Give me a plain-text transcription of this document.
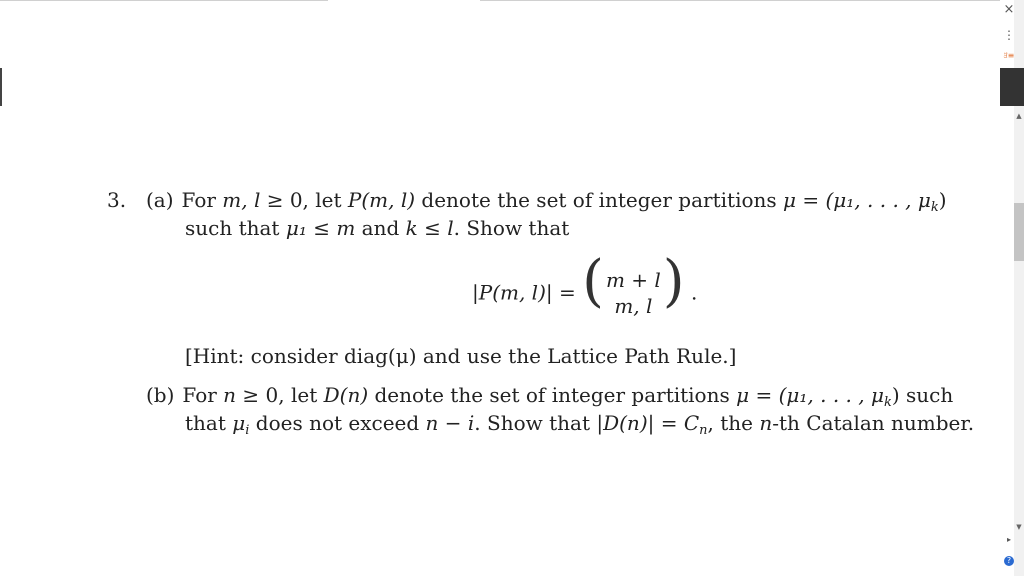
3. (a) For m, l ≥ 0, let P(m, l) denote the set of integer partitions μ = (μ₁, . . . , $\mu_k$)
such that μ₁ ≤ m and k ≤ l. Show that
|P(m, l)| = ( m + l
m, l ) .
[Hint: consider diag(μ) and use the Lattice Path Rule.]
(b) For n ≥ 0, let D(n) denote the set of integer partitions μ = (μ₁, . . . , $\mu_k$) such
that $\mu_i$ does not exceed n − i. Show that $|D(n)| = C_n$, the n-th Catalan number.
×
⋮
ﾖ≡
▲
▼
▸
?
